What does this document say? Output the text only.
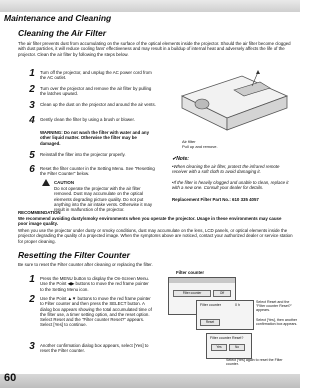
Maintenance and Cleaning
Cleaning the Air Filter
The air filter prevents dust from accumulating on the surface of the optical elements inside the projector. Should the air filter become clogged with dust particles, it will reduce cooling fans' effectiveness and may result in a buildup of internal heat and adversely affects the life of the projector. Clean the air filter by following the steps below.
1 Turn off the projector, and unplug the AC power cord from the AC outlet.
2 Turn over the projector and remove the air filter by pulling the latches upward.
3 Clean up the dust on the projector and around the air vents.
4 Gently clean the filter by using a brush or blower.
WARNING: Do not wash the filter with water and any other liquid matter. Otherwise the filter may be damaged.
5 Reinstall the filter into the projector properly.
6 Reset the filter counter in the Setting Menu. See "Resetting the Filter Counter" below.
CAUTION
Do not operate the projector with the air filter removed. Dust may accumulate on the optical elements degrading picture quality. Do not put anything into the air intake vents. Otherwise it may result in malfunction of the projector.
Air filter
Pull up and remove.
✔Note:
•When cleaning the air filter, protect the infrared remote receiver with a soft cloth to avoid damaging it.
•If the filter is heavily clogged and unable to clean, replace it with a new one. Consult your dealer for details.
Replacement Filter Part No.: 610 335 4057
RECOMMENDATION
We recommend avoiding dusty/smoky environments when you operate the projector. Usage in these environments may cause poor image quality.
When you use the projector under dusty or smoky conditions, dust may accumulate on the lens, LCD panels, or optical elements inside the projector degrading the quality of a projected image. When the symptoms above are noticed, contact your authorized dealer or service station for proper cleaning.
Resetting the Filter Counter
Be sure to reset the Filter counter after cleaning or replacing the filter.
1 Press the MENU button to display the On-Screen Menu. Use the Point ◀▶ buttons to move the red frame pointer to the Setting Menu icon.
2 Use the Point ▲▼ buttons to move the red frame pointer to Filter counter and then press the SELECT button. A dialog box appears showing the total accumulated time of the filter use, a timer setting option, and the reset option. Select Reset and the "Filter counter Reset?" appears. Select [Yes] to continue.
3 Another confirmation dialog box appears, select [Yes] to reset the Filter counter.
Filter counter
Filter counter	Off
Filter counter	0 h
Reset
Filter counter Reset?
Yes	No
Select Reset and the "Filter counter Reset?" appears.
Select [Yes], then another confirmation box appears.
Select [Yes] again to reset the Filter counter.
60
